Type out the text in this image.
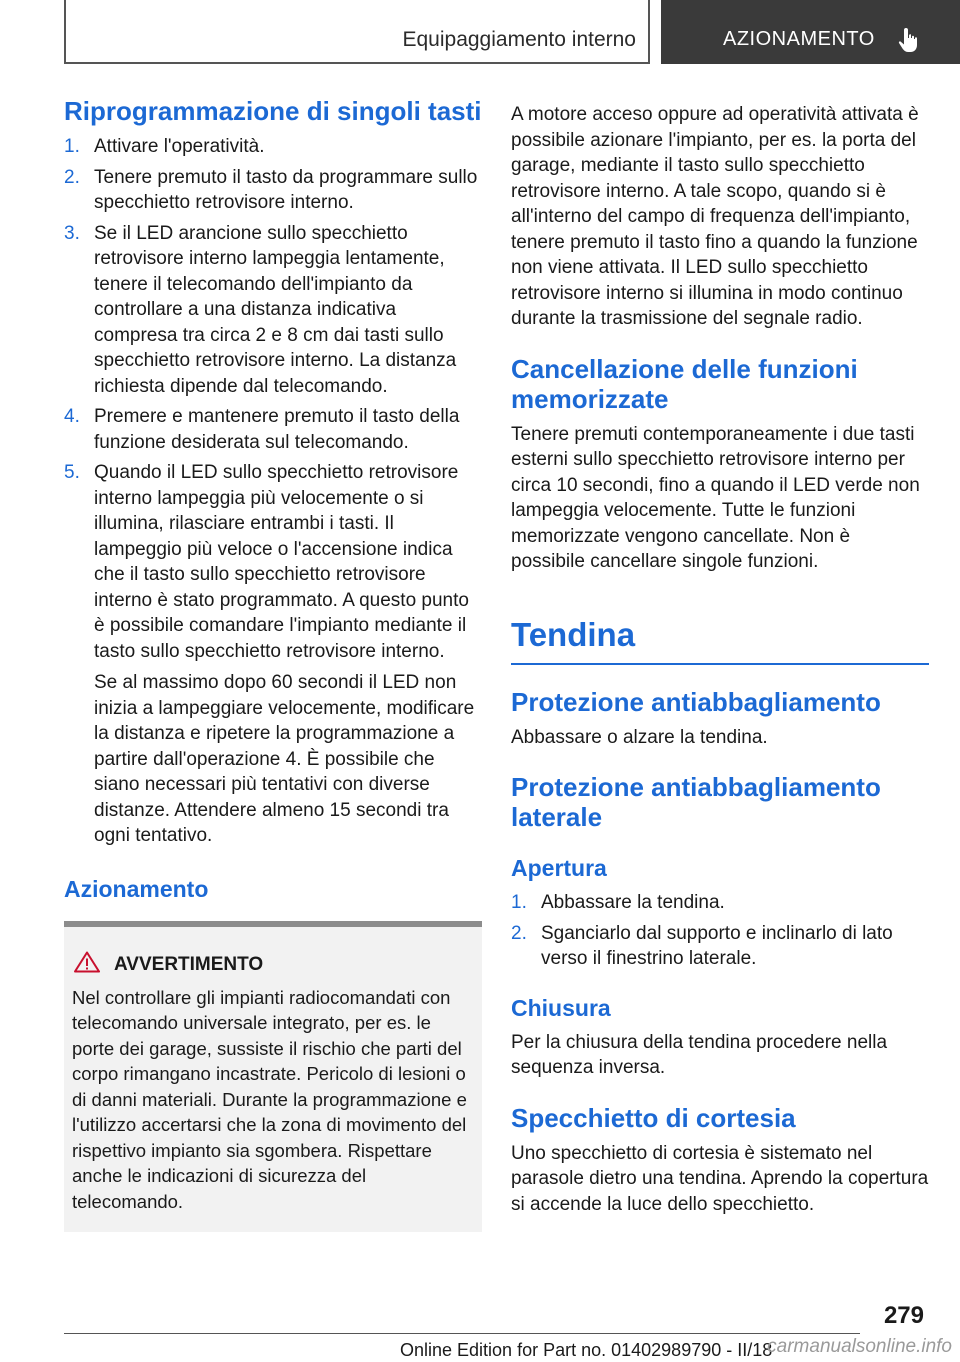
Equipaggiamento interno	AZIONAMENTO
Riprogrammazione di singoli tasti
1. Attivare l'operatività.
2. Tenere premuto il tasto da programmare sullo specchietto retrovisore interno.
3. Se il LED arancione sullo specchietto retrovisore interno lampeggia lentamente, tenere il telecomando dell'impianto da controllare a una distanza indicativa compresa tra circa 2 e 8 cm dai tasti sullo specchietto retrovisore interno. La distanza richiesta dipende dal telecomando.
4. Premere e mantenere premuto il tasto della funzione desiderata sul telecomando.
5. Quando il LED sullo specchietto retrovisore interno lampeggia più velocemente o si illumina, rilasciare entrambi i tasti. Il lampeggio più veloce o l'accensione indica che il tasto sullo specchietto retrovisore interno è stato programmato. A questo punto è possibile comandare l'impianto mediante il tasto sullo specchietto retrovisore interno.
Se al massimo dopo 60 secondi il LED non inizia a lampeggiare velocemente, modificare la distanza e ripetere la programmazione a partire dall'operazione 4. È possibile che siano necessari più tentativi con diverse distanze. Attendere almeno 15 secondi tra ogni tentativo.
Azionamento
AVVERTIMENTO
Nel controllare gli impianti radiocomandati con telecomando universale integrato, per es. le porte dei garage, sussiste il rischio che parti del corpo rimangano incastrate. Pericolo di lesioni o di danni materiali. Durante la programmazione e l'utilizzo accertarsi che la zona di movimento del rispettivo impianto sia sgombera. Rispettare anche le indicazioni di sicurezza del telecomando.
A motore acceso oppure ad operatività attivata è possibile azionare l'impianto, per es. la porta del garage, mediante il tasto sullo specchietto retrovisore interno. A tale scopo, quando si è all'interno del campo di frequenza dell'impianto, tenere premuto il tasto fino a quando la funzione non viene attivata. Il LED sullo specchietto retrovisore interno si illumina in modo continuo durante la trasmissione del segnale radio.
Cancellazione delle funzioni memorizzate
Tenere premuti contemporaneamente i due tasti esterni sullo specchietto retrovisore interno per circa 10 secondi, fino a quando il LED verde non lampeggia velocemente. Tutte le funzioni memorizzate vengono cancellate. Non è possibile cancellare singole funzioni.
Tendina
Protezione antiabbagliamento
Abbassare o alzare la tendina.
Protezione antiabbagliamento laterale
Apertura
1. Abbassare la tendina.
2. Sganciarlo dal supporto e inclinarlo di lato verso il finestrino laterale.
Chiusura
Per la chiusura della tendina procedere nella sequenza inversa.
Specchietto di cortesia
Uno specchietto di cortesia è sistemato nel parasole dietro una tendina. Aprendo la copertura si accende la luce dello specchietto.
279
Online Edition for Part no. 01402989790 - II/18
carmanualsonline.info
